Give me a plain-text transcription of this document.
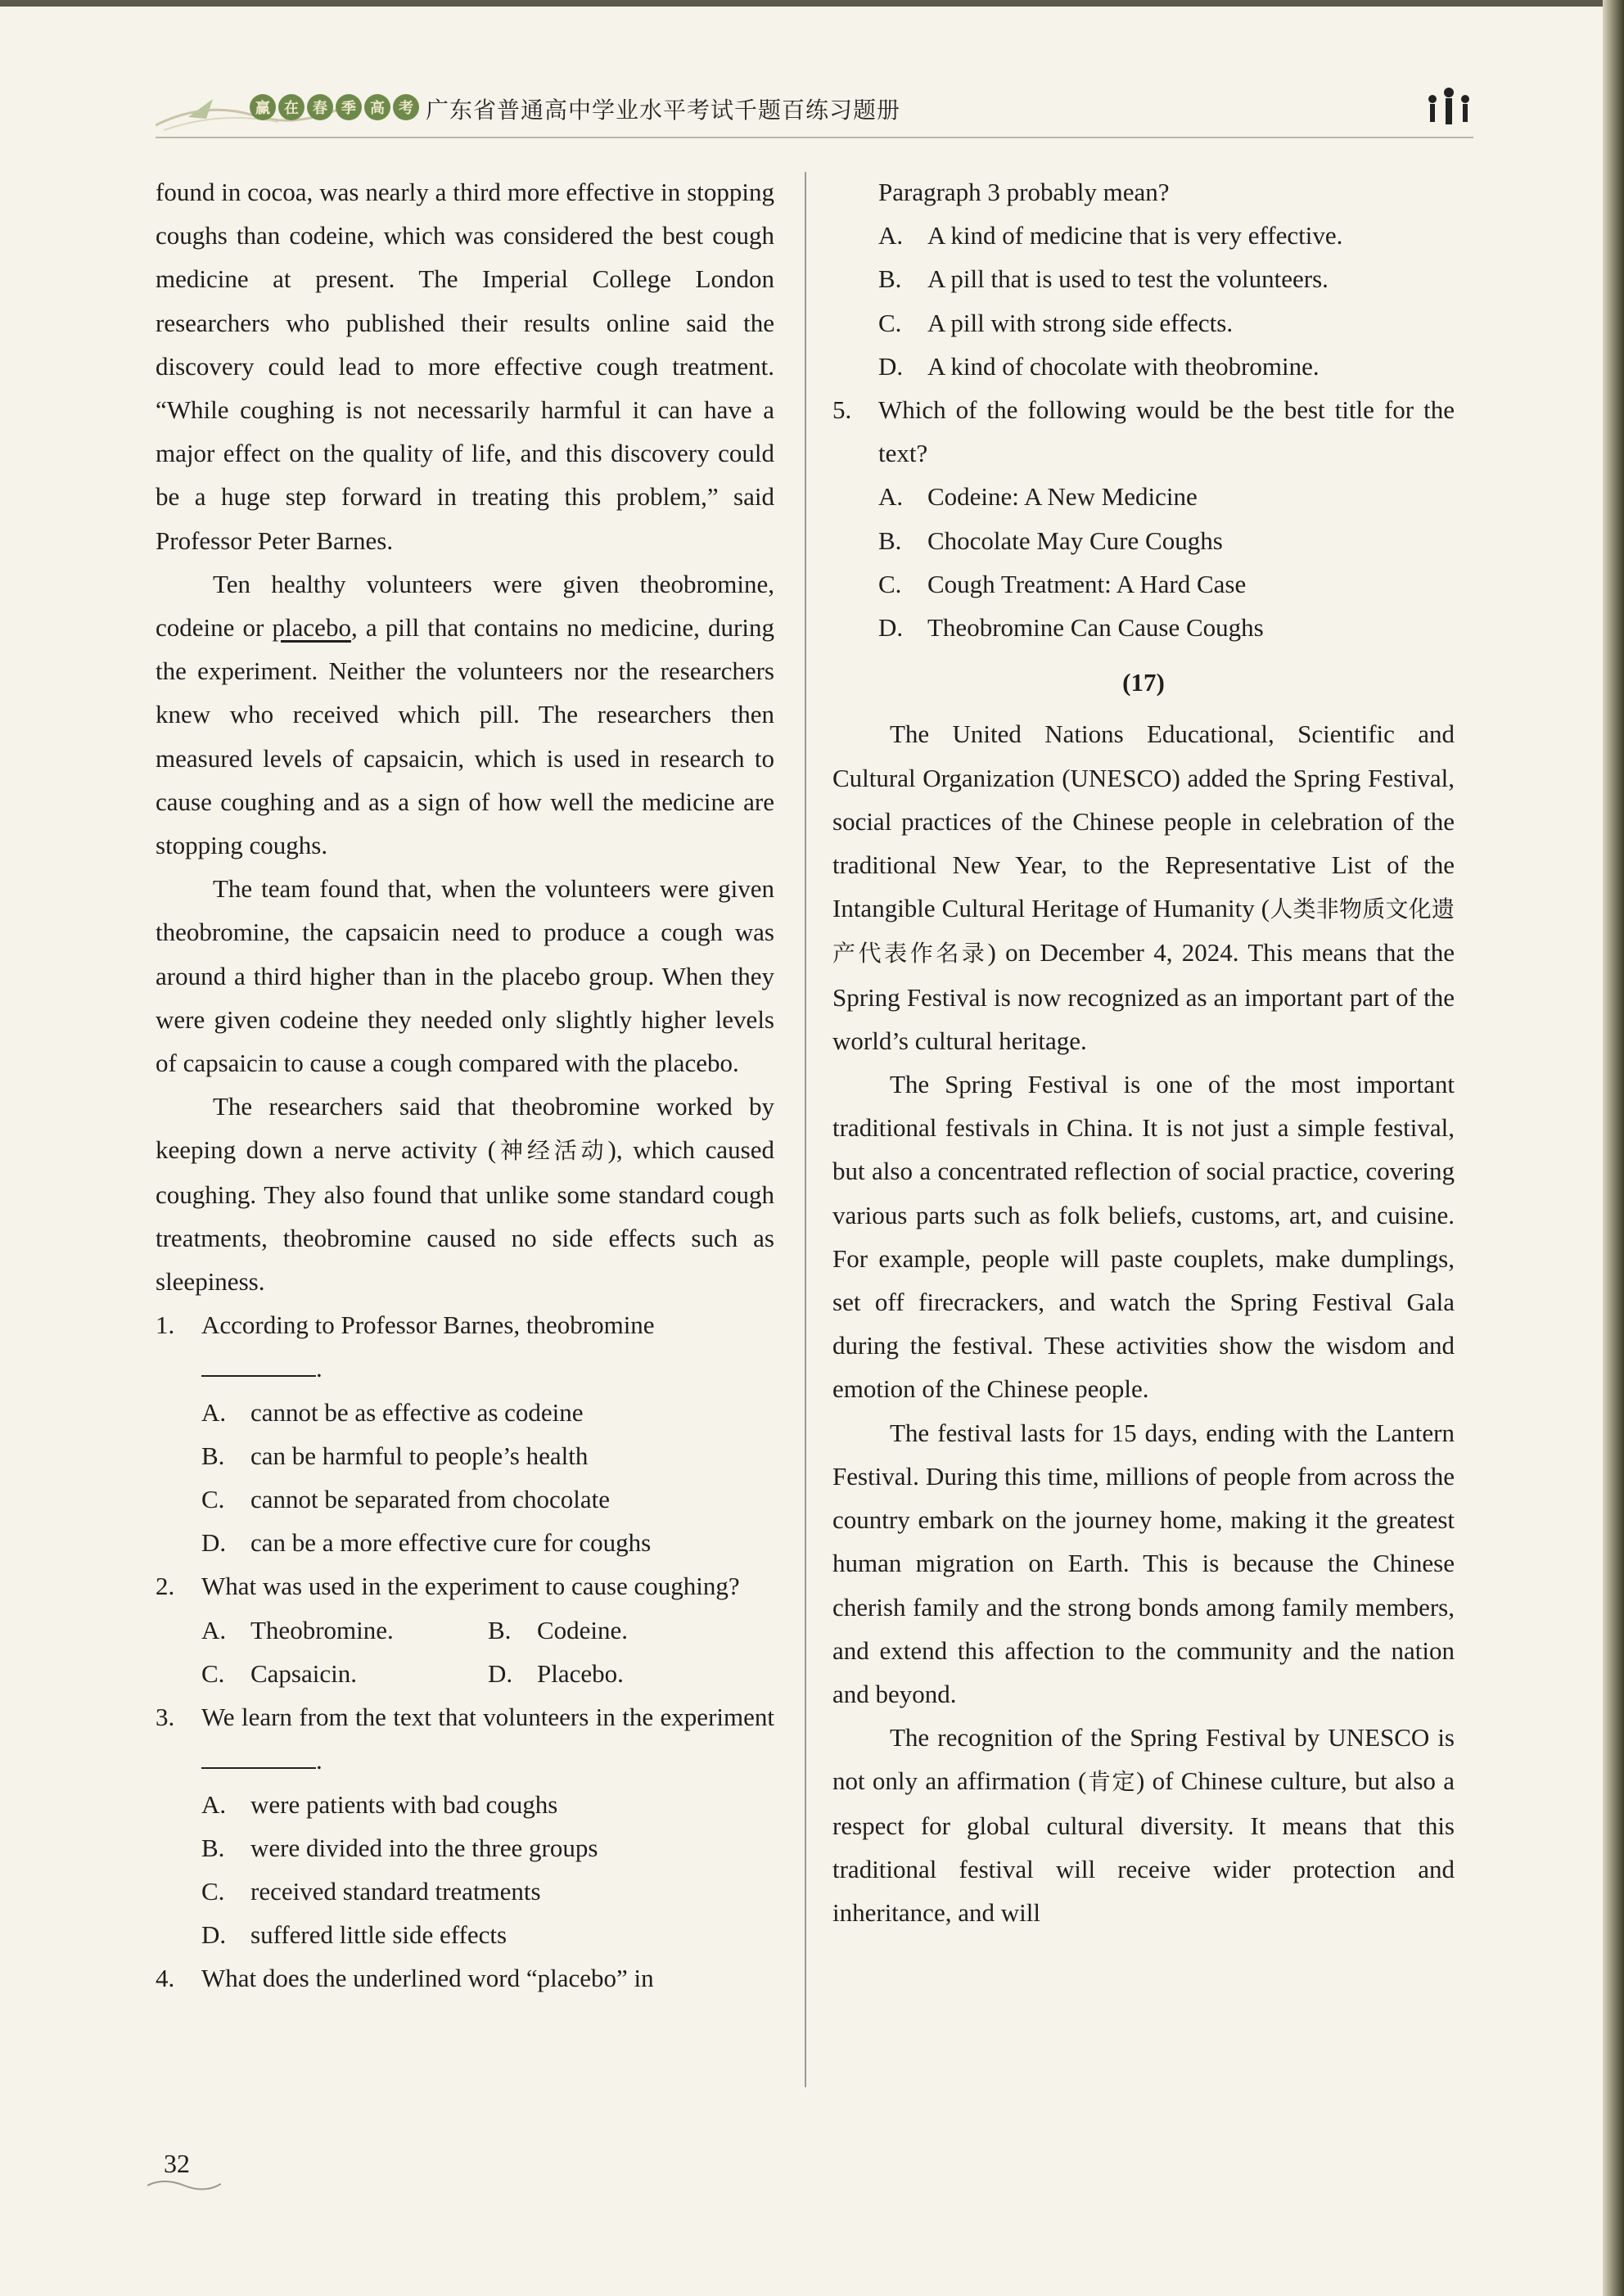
赢 在 春 季 高 考 广东省普通高中学业水平考试千题百练习题册

found in cocoa, was nearly a third more effective in stopping coughs than codeine, which was considered the best cough medicine at present. The Imperial College London researchers who published their results online said the discovery could lead to more effective cough treatment. “While coughing is not necessarily harmful it can have a major effect on the quality of life, and this discovery could be a huge step forward in treating this problem,” said Professor Peter Barnes.

Ten healthy volunteers were given theobromine, codeine or placebo, a pill that contains no medicine, during the experiment. Neither the volunteers nor the researchers knew who received which pill. The researchers then measured levels of capsaicin, which is used in research to cause coughing and as a sign of how well the medicine are stopping coughs.

The team found that, when the volunteers were given theobromine, the capsaicin need to produce a cough was around a third higher than in the placebo group. When they were given codeine they needed only slightly higher levels of capsaicin to cause a cough compared with the placebo.

The researchers said that theobromine worked by keeping down a nerve activity (神经活动), which caused coughing. They also found that unlike some standard cough treatments, theobromine caused no side effects such as sleepiness.

1.	According to Professor Barnes, theobromine
.
A. cannot be as effective as codeine
B.	can be harmful to people’s health
C.	cannot be separated from chocolate
D. can be a more effective cure for coughs
2.	What was used in the experiment to cause coughing?
A. Theobromine.	B.	Codeine.
C.	Capsaicin.	D. Placebo.
3.	We learn from the text that volunteers in the experiment .
A. were patients with bad coughs
B.	were divided into the three groups
C.	received standard treatments
D. suffered little side effects
4.	What does the underlined word “placebo” in
Paragraph 3 probably mean?
A. A kind of medicine that is very effective.
B.	A pill that is used to test the volunteers.
C.	A pill with strong side effects.
D. A kind of chocolate with theobromine.
5.	Which of the following would be the best title for the text?
A. Codeine: A New Medicine
B.	Chocolate May Cure Coughs
C.	Cough Treatment: A Hard Case
D. Theobromine Can Cause Coughs
(17)

The United Nations Educational, Scientific and Cultural Organization (UNESCO) added the Spring Festival, social practices of the Chinese people in celebration of the traditional New Year, to the Representative List of the Intangible Cultural Heritage of Humanity (人类非物质文化遗产代表作名录) on December 4, 2024. This means that the Spring Festival is now recognized as an important part of the world’s cultural heritage.

The Spring Festival is one of the most important traditional festivals in China. It is not just a simple festival, but also a concentrated reflection of social practice, covering various parts such as folk beliefs, customs, art, and cuisine. For example, people will paste couplets, make dumplings, set off firecrackers, and watch the Spring Festival Gala during the festival. These activities show the wisdom and emotion of the Chinese people.

The festival lasts for 15 days, ending with the Lantern Festival. During this time, millions of people from across the country embark on the journey home, making it the greatest human migration on Earth. This is because the Chinese cherish family and the strong bonds among family members, and extend this affection to the community and the nation and beyond.

The recognition of the Spring Festival by UNESCO is not only an affirmation (肯定) of Chinese culture, but also a respect for global cultural diversity. It means that this traditional festival will receive wider protection and inheritance, and will

32
